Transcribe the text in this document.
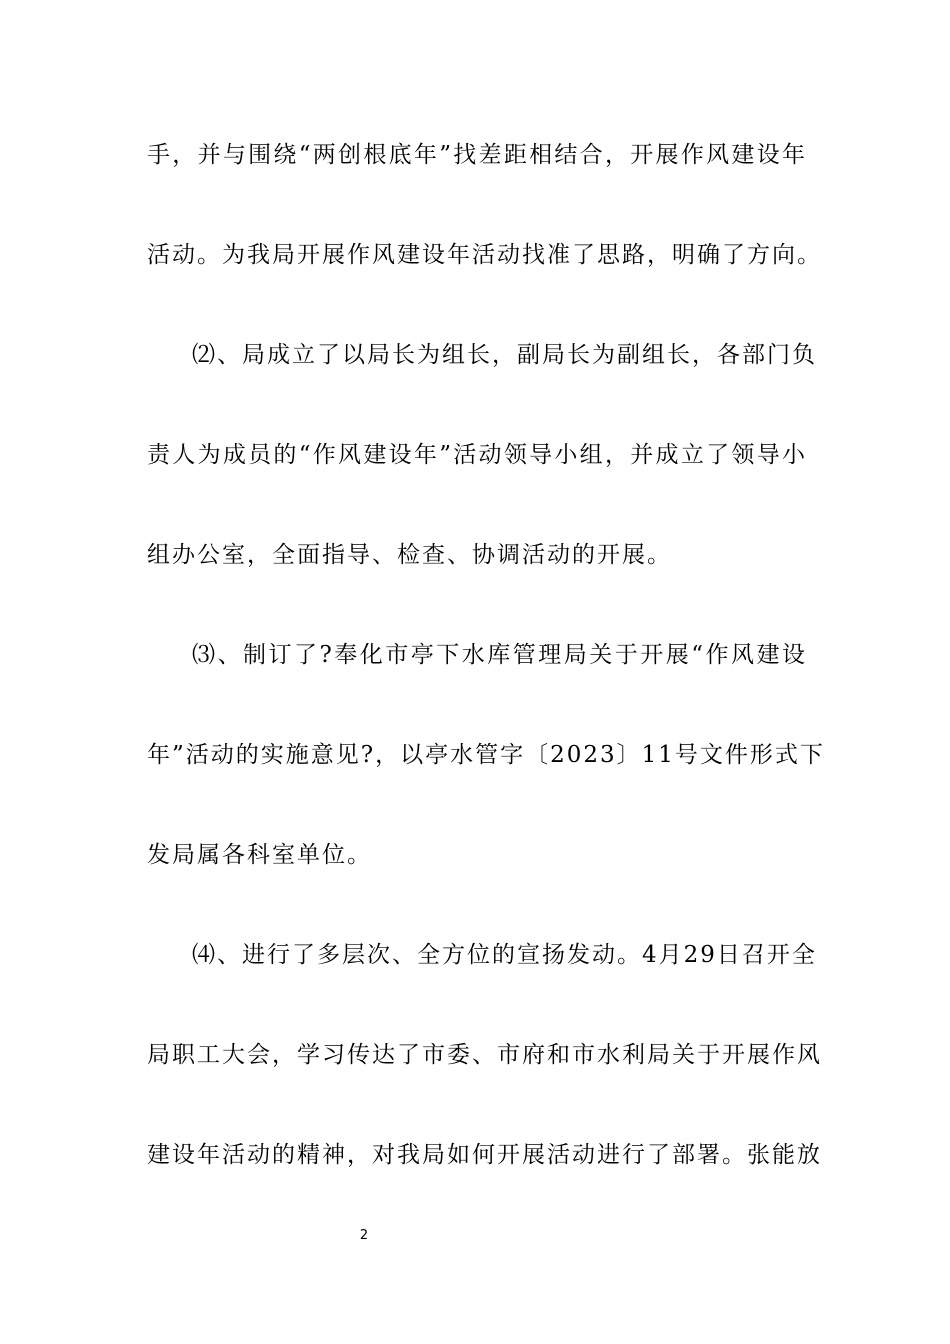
手，并与围绕“两创根底年”找差距相结合，开展作风建设年
活动。为我局开展作风建设年活动找准了思路，明确了方向。
⑵、局成立了以局长为组长，副局长为副组长，各部门负
责人为成员的“作风建设年”活动领导小组，并成立了领导小
组办公室，全面指导、检查、协调活动的开展。
⑶、制订了?奉化市亭下水库管理局关于开展“作风建设
年”活动的实施意见?，以亭水管字〔2023〕11号文件形式下
发局属各科室单位。
⑷、进行了多层次、全方位的宣扬发动。4月29日召开全
局职工大会，学习传达了市委、市府和市水利局关于开展作风
建设年活动的精神，对我局如何开展活动进行了部署。张能放
2
